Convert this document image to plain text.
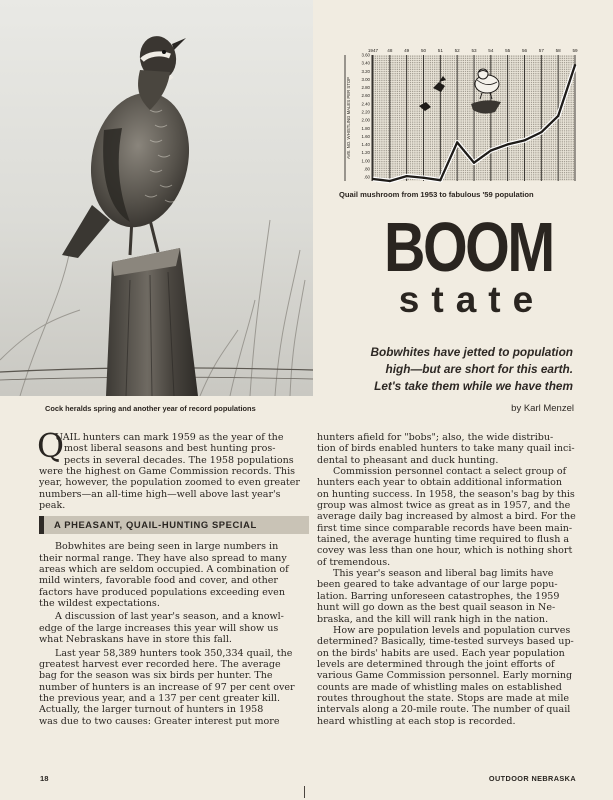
Cock heralds spring and another year of record populations
1947 48	49	50	51	52	53	54	55	56	57	58	59
3.60
3.40
3.20
3.00
2.80
2.60
2.40
2.20
2.00
1.80
1.60
1.40
1.20
1.00
.80
.60
AVE. NO. WHISTLING MALES PER STOP
Quail mushroom from 1953 to fabulous '59 population
BOOM
state
Bobwhites have jetted to population
high—but are short for this earth.
Let's take them while we have them
by Karl Menzel
Q
UAIL hunters can mark 1959 as the year of the
most liberal seasons and best hunting pros-
pects in several decades. The 1958 populations
were the highest on Game Commission records. This
year, however, the population zoomed to even greater
numbers—an all-time high—well above last year's
peak.
A PHEASANT, QUAIL-HUNTING SPECIAL
Bobwhites are being seen in large numbers in
their normal range. They have also spread to many
areas which are seldom occupied. A combination of
mild winters, favorable food and cover, and other
factors have produced populations exceeding even
the wildest expectations.
A discussion of last year's season, and a knowl-
edge of the large increases this year will show us
what Nebraskans have in store this fall.
Last year 58,389 hunters took 350,334 quail, the
greatest harvest ever recorded here. The average
bag for the season was six birds per hunter. The
number of hunters is an increase of 97 per cent over
the previous year, and a 137 per cent greater kill.
Actually, the larger turnout of hunters in 1958
was due to two causes: Greater interest put more
hunters afield for "bobs"; also, the wide distribu-
tion of birds enabled hunters to take many quail inci-
dental to pheasant and duck hunting.
Commission personnel contact a select group of
hunters each year to obtain additional information
on hunting success. In 1958, the season's bag by this
group was almost twice as great as in 1957, and the
average daily bag increased by almost a bird. For the
first time since comparable records have been main-
tained, the average hunting time required to flush a
covey was less than one hour, which is nothing short
of tremendous.
This year's season and liberal bag limits have
been geared to take advantage of our large popu-
lation. Barring unforeseen catastrophes, the 1959
hunt will go down as the best quail season in Ne-
braska, and the kill will rank high in the nation.
How are population levels and population curves
determined? Basically, time-tested surveys based up-
on the birds' habits are used. Each year population
levels are determined through the joint efforts of
various Game Commission personnel. Early morning
counts are made of whistling males on established
routes throughout the state. Stops are made at mile
intervals along a 20-mile route. The number of quail
heard whistling at each stop is recorded.
18	OUTDOOR NEBRASKA
